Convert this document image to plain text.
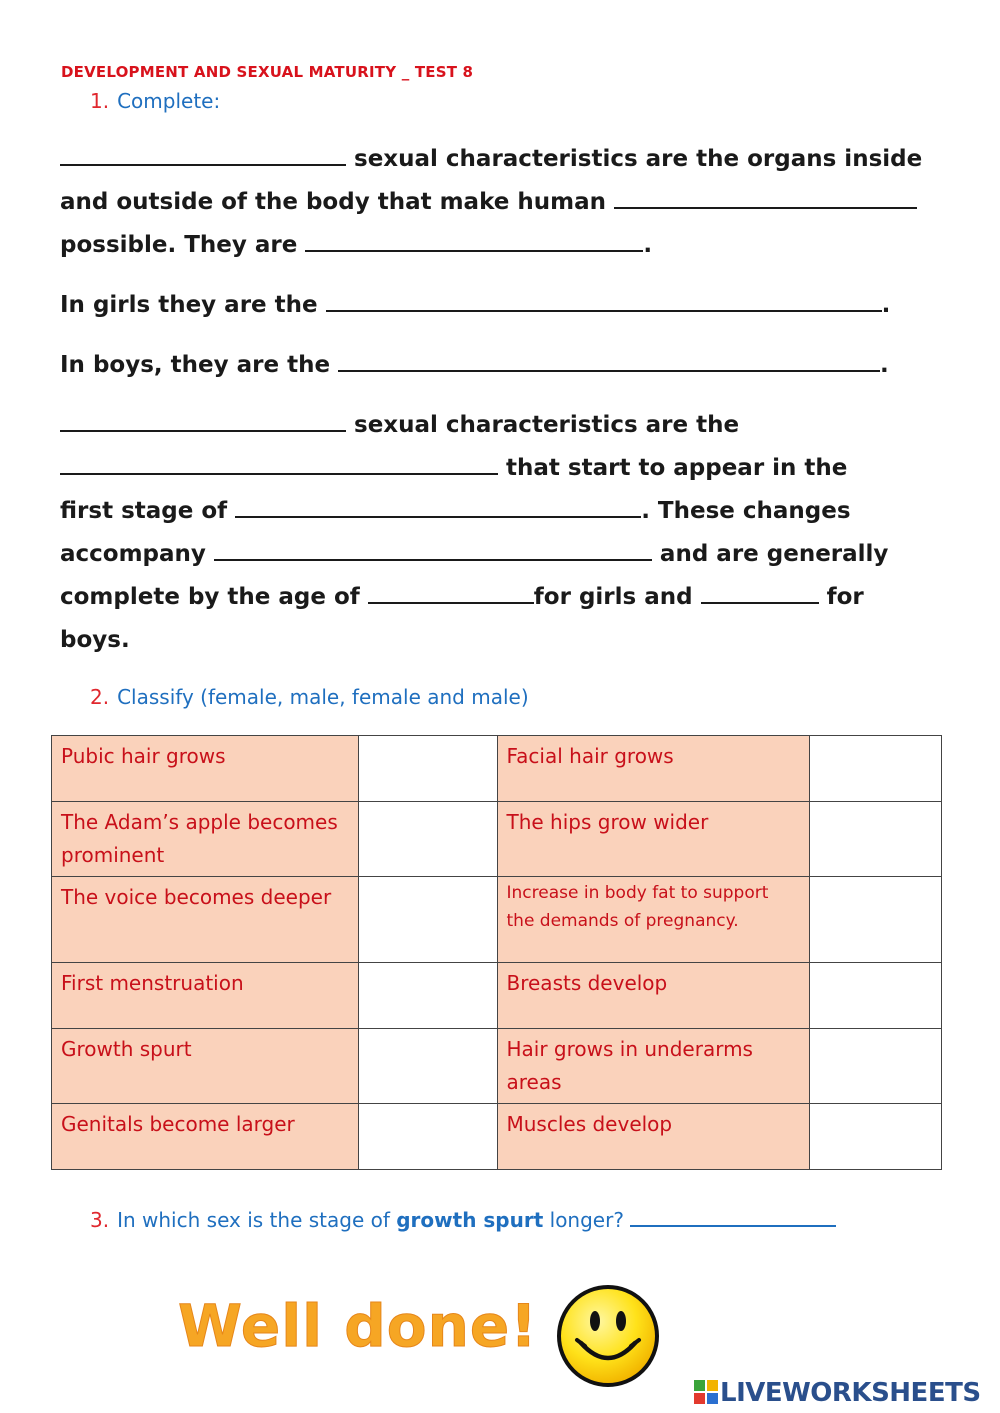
DEVELOPMENT AND SEXUAL MATURITY _ TEST 8
1. Complete:
sexual characteristics are the organs inside
and outside of the body that make human
possible. They are	.
In girls they are the	.
In boys, they are the	.
sexual characteristics are the
that start to appear in the
first stage of	. These changes
accompany	and are generally
complete by the age of	for girls and	for
boys.
2. Classify (female, male, female and male)
Pubic hair grows		Facial hair grows	
The Adam’s apple becomes prominent		The hips grow wider	
The voice becomes deeper		Increase in body fat to support the demands of pregnancy.	
First menstruation		Breasts develop	
Growth spurt		Hair grows in underarms areas	
Genitals become larger		Muscles develop	
3. In which sex is the stage of growth spurt longer?
Well done!
LIVEWORKSHEETS
